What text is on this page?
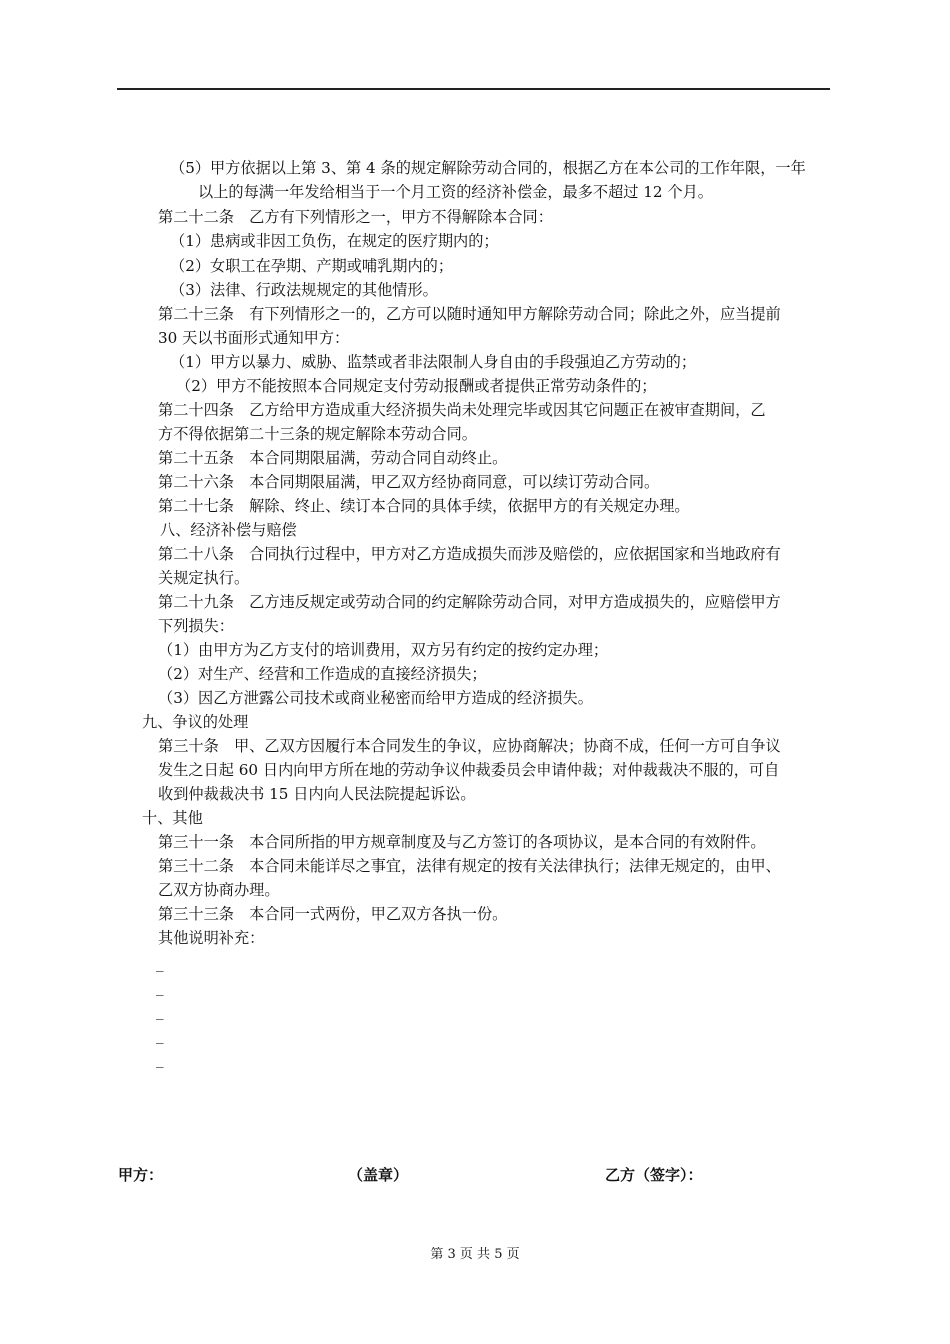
（5）甲方依据以上第 3、第 4 条的规定解除劳动合同的，根据乙方在本公司的工作年限，一年
以上的每满一年发给相当于一个月工资的经济补偿金，最多不超过 12 个月。
第二十二条　乙方有下列情形之一，甲方不得解除本合同：
（1）患病或非因工负伤，在规定的医疗期内的；
（2）女职工在孕期、产期或哺乳期内的；
（3）法律、行政法规规定的其他情形。
第二十三条　有下列情形之一的，乙方可以随时通知甲方解除劳动合同；除此之外，应当提前
30 天以书面形式通知甲方：
（1）甲方以暴力、威胁、监禁或者非法限制人身自由的手段强迫乙方劳动的；
（2）甲方不能按照本合同规定支付劳动报酬或者提供正常劳动条件的；
第二十四条　乙方给甲方造成重大经济损失尚未处理完毕或因其它问题正在被审查期间，乙
方不得依据第二十三条的规定解除本劳动合同。
第二十五条　本合同期限届满，劳动合同自动终止。
第二十六条　本合同期限届满，甲乙双方经协商同意，可以续订劳动合同。
第二十七条　解除、终止、续订本合同的具体手续，依据甲方的有关规定办理。
八、经济补偿与赔偿
第二十八条　合同执行过程中，甲方对乙方造成损失而涉及赔偿的，应依据国家和当地政府有
关规定执行。
第二十九条　乙方违反规定或劳动合同的约定解除劳动合同，对甲方造成损失的，应赔偿甲方
下列损失：
（1）由甲方为乙方支付的培训费用，双方另有约定的按约定办理；
（2）对生产、经营和工作造成的直接经济损失；
（3）因乙方泄露公司技术或商业秘密而给甲方造成的经济损失。
九、争议的处理
第三十条　甲、乙双方因履行本合同发生的争议，应协商解决；协商不成，任何一方可自争议
发生之日起 60 日内向甲方所在地的劳动争议仲裁委员会申请仲裁；对仲裁裁决不服的，可自
收到仲裁裁决书 15 日内向人民法院提起诉讼。
十、其他
第三十一条　本合同所指的甲方规章制度及与乙方签订的各项协议，是本合同的有效附件。
第三十二条　本合同未能详尽之事宜，法律有规定的按有关法律执行；法律无规定的，由甲、
乙双方协商办理。
第三十三条　本合同一式两份，甲乙双方各执一份。
其他说明补充：
_
_
_
_
_
甲方：	（盖章）	乙方（签字）：
第 3 页 共 5 页
